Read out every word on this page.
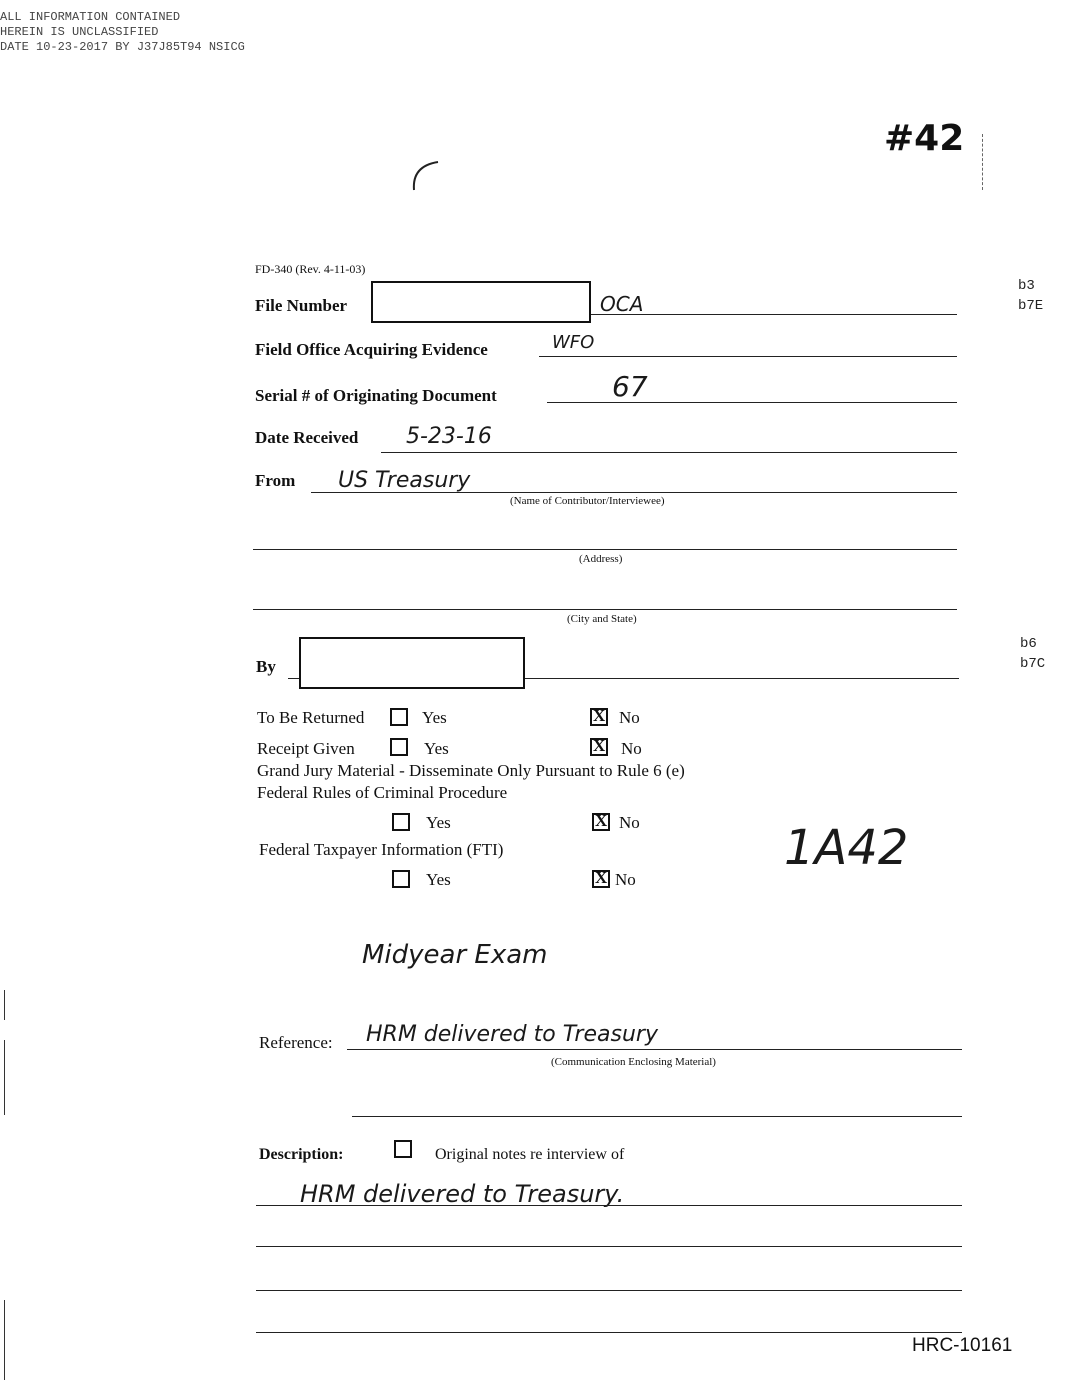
ALL INFORMATION CONTAINED
HEREIN IS UNCLASSIFIED
DATE 10-23-2017 BY J37J85T94 NSICG
#42
FD-340 (Rev. 4-11-03)
File Number	OCA
b3
b7E
Field Office Acquiring Evidence	WFO
Serial # of Originating Document	67
Date Received 5-23-16
From US Treasury
(Name of Contributor/Interviewee)
(Address)
(City and State)
By
b6
b7C
To Be Returned	Yes	X No
Receipt Given	Yes	X No
Grand Jury Material - Disseminate Only Pursuant to Rule 6 (e)
Federal Rules of Criminal Procedure
Yes	X No
Federal Taxpayer Information (FTI)
Yes	X No
1A42
Midyear Exam
Reference: HRM delivered to Treasury
(Communication Enclosing Material)
Description:	Original notes re interview of
HRM delivered to Treasury.
HRC-10161
